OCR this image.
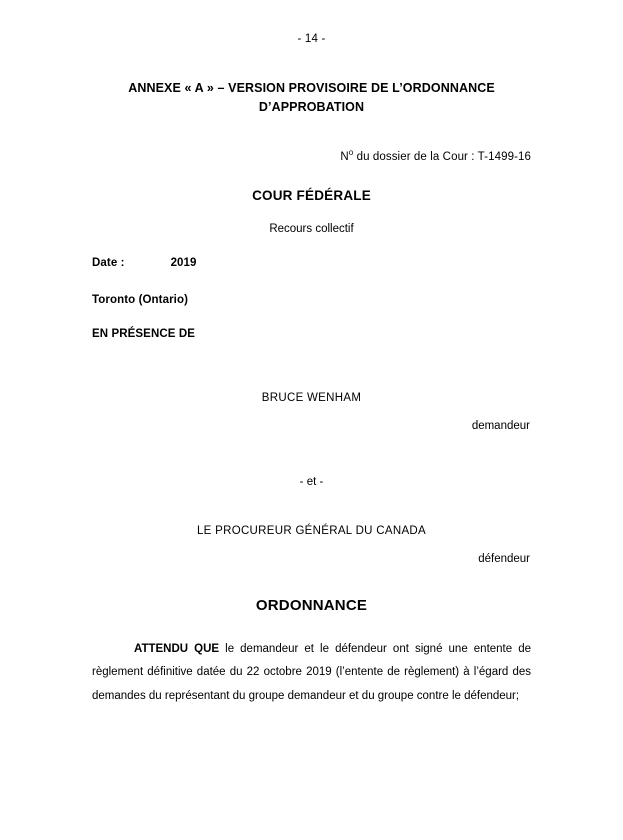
- 14 -
ANNEXE « A » – VERSION PROVISOIRE DE L’ORDONNANCE D’APPROBATION
$N^o$ du dossier de la Cour : T-1499-16
COUR FÉDÉRALE
Recours collectif
Date :	2019
Toronto (Ontario)
EN PRÉSENCE DE
BRUCE WENHAM
demandeur
- et -
LE PROCUREUR GÉNÉRAL DU CANADA
défendeur
ORDONNANCE

ATTENDU QUE le demandeur et le défendeur ont signé une entente de règlement définitive datée du 22 octobre 2019 (l’entente de règlement) à l’égard des demandes du représentant du groupe demandeur et du groupe contre le défendeur;
